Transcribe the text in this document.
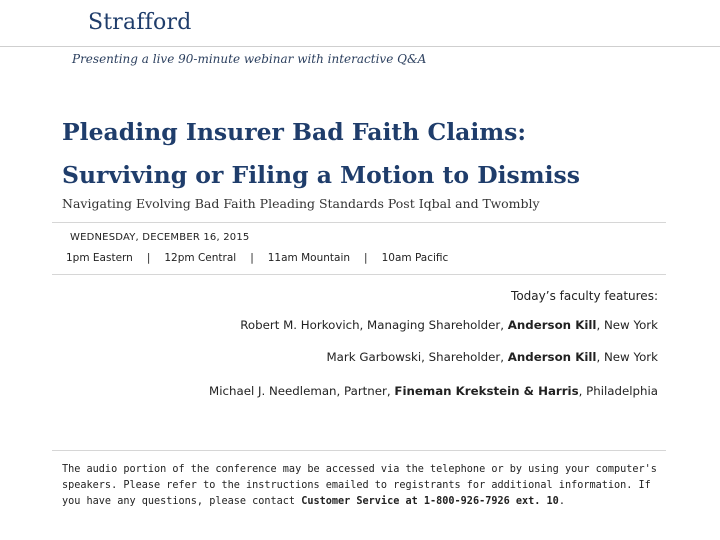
Strafford
Presenting a live 90-minute webinar with interactive Q&A
Pleading Insurer Bad Faith Claims:
Surviving or Filing a Motion to Dismiss
Navigating Evolving Bad Faith Pleading Standards Post Iqbal and Twombly
WEDNESDAY, DECEMBER 16, 2015
1pm Eastern | 12pm Central | 11am Mountain | 10am Pacific
Today’s faculty features:
Robert M. Horkovich, Managing Shareholder, Anderson Kill, New York
Mark Garbowski, Shareholder, Anderson Kill, New York
Michael J. Needleman, Partner, Fineman Krekstein & Harris, Philadelphia
The audio portion of the conference may be accessed via the telephone or by using your computer's speakers. Please refer to the instructions emailed to registrants for additional information. If you have any questions, please contact Customer Service at 1-800-926-7926 ext. 10.
